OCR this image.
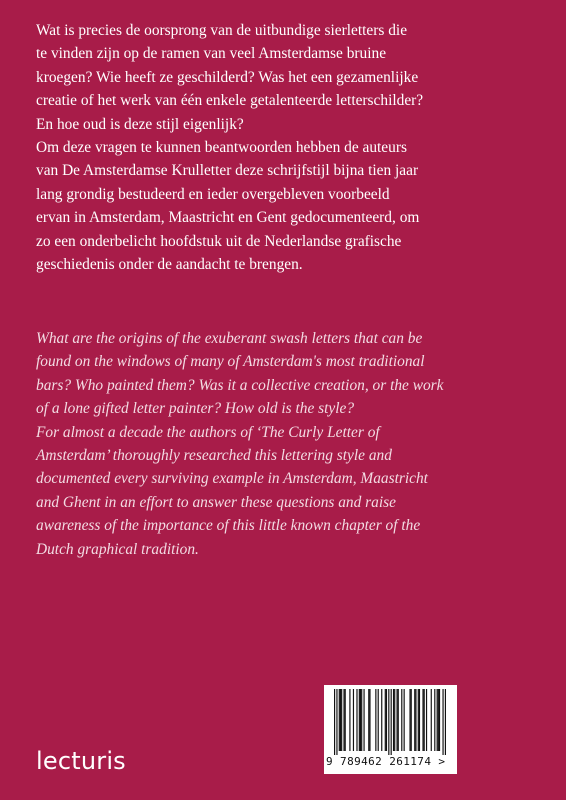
Wat is precies de oorsprong van de uitbundige sierletters die
te vinden zijn op de ramen van veel Amsterdamse bruine
kroegen? Wie heeft ze geschilderd? Was het een gezamenlijke
creatie of het werk van één enkele getalenteerde letterschilder?
En hoe oud is deze stijl eigenlijk?

Om deze vragen te kunnen beantwoorden hebben de auteurs
van De Amsterdamse Krulletter deze schrijfstijl bijna tien jaar
lang grondig bestudeerd en ieder overgebleven voorbeeld
ervan in Amsterdam, Maastricht en Gent gedocumenteerd, om
zo een onderbelicht hoofdstuk uit de Nederlandse grafische
geschiedenis onder de aandacht te brengen.

What are the origins of the exuberant swash letters that can be
found on the windows of many of Amsterdam's most traditional
bars? Who painted them? Was it a collective creation, or the work
of a lone gifted letter painter? How old is the style?

For almost a decade the authors of ‘The Curly Letter of
Amsterdam’ thoroughly researched this lettering style and
documented every surviving example in Amsterdam, Maastricht
and Ghent in an effort to answer these questions and raise
awareness of the importance of this little known chapter of the
Dutch graphical tradition.

lecturis	9 789462 261174 >
